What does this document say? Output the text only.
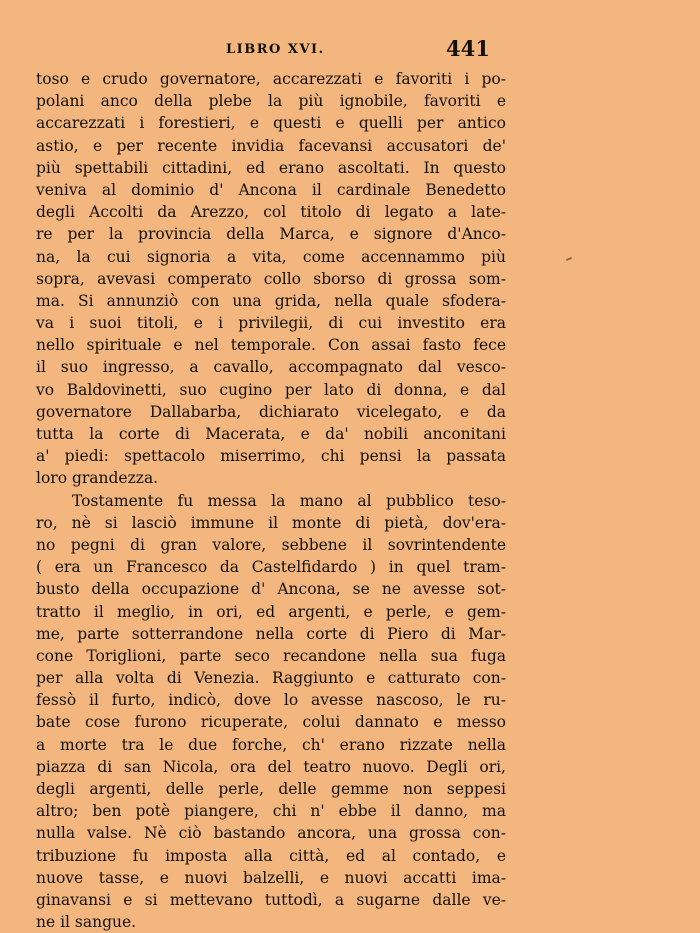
LIBRO XVI.	441
toso e crudo governatore, accarezzati e favoriti i po-
polani anco della plebe la più ignobile, favoriti e
accarezzati i forestieri, e questi e quelli per antico
astio, e per recente invidia facevansi accusatori de'
più spettabili cittadini, ed erano ascoltati. In questo
veniva al dominio d' Ancona il cardinale Benedetto
degli Accolti da Arezzo, col titolo di legato a late-
re per la provincia della Marca, e signore d'Anco-
na, la cui signoria a vita, come accennammo più
sopra, avevasi comperato collo sborso di grossa som-
ma. Si annunziò con una grida, nella quale sfodera-
va i suoi titoli, e i privilegii, di cui investito era
nello spirituale e nel temporale. Con assai fasto fece
il suo ingresso, a cavallo, accompagnato dal vesco-
vo Baldovinetti, suo cugino per lato di donna, e dal
governatore Dallabarba, dichiarato vicelegato, e da
tutta la corte di Macerata, e da' nobili anconitani
a' piedi: spettacolo miserrimo, chi pensi la passata
loro grandezza.
Tostamente fu messa la mano al pubblico teso-
ro, nè si lasciò immune il monte di pietà, dov'era-
no pegni di gran valore, sebbene il sovrintendente
( era un Francesco da Castelfidardo ) in quel tram-
busto della occupazione d' Ancona, se ne avesse sot-
tratto il meglio, in ori, ed argenti, e perle, e gem-
me, parte sotterrandone nella corte di Piero di Mar-
cone Toriglioni, parte seco recandone nella sua fuga
per alla volta di Venezia. Raggiunto e catturato con-
fessò il furto, indicò, dove lo avesse nascoso, le ru-
bate cose furono ricuperate, colui dannato e messo
a morte tra le due forche, ch' erano rizzate nella
piazza di san Nicola, ora del teatro nuovo. Degli ori,
degli argenti, delle perle, delle gemme non seppesi
altro; ben potè piangere, chi n' ebbe il danno, ma
nulla valse. Nè ciò bastando ancora, una grossa con-
tribuzione fu imposta alla città, ed al contado, e
nuove tasse, e nuovi balzelli, e nuovi accatti ima-
ginavansi e si mettevano tuttodì, a sugarne dalle ve-
ne il sangue.
